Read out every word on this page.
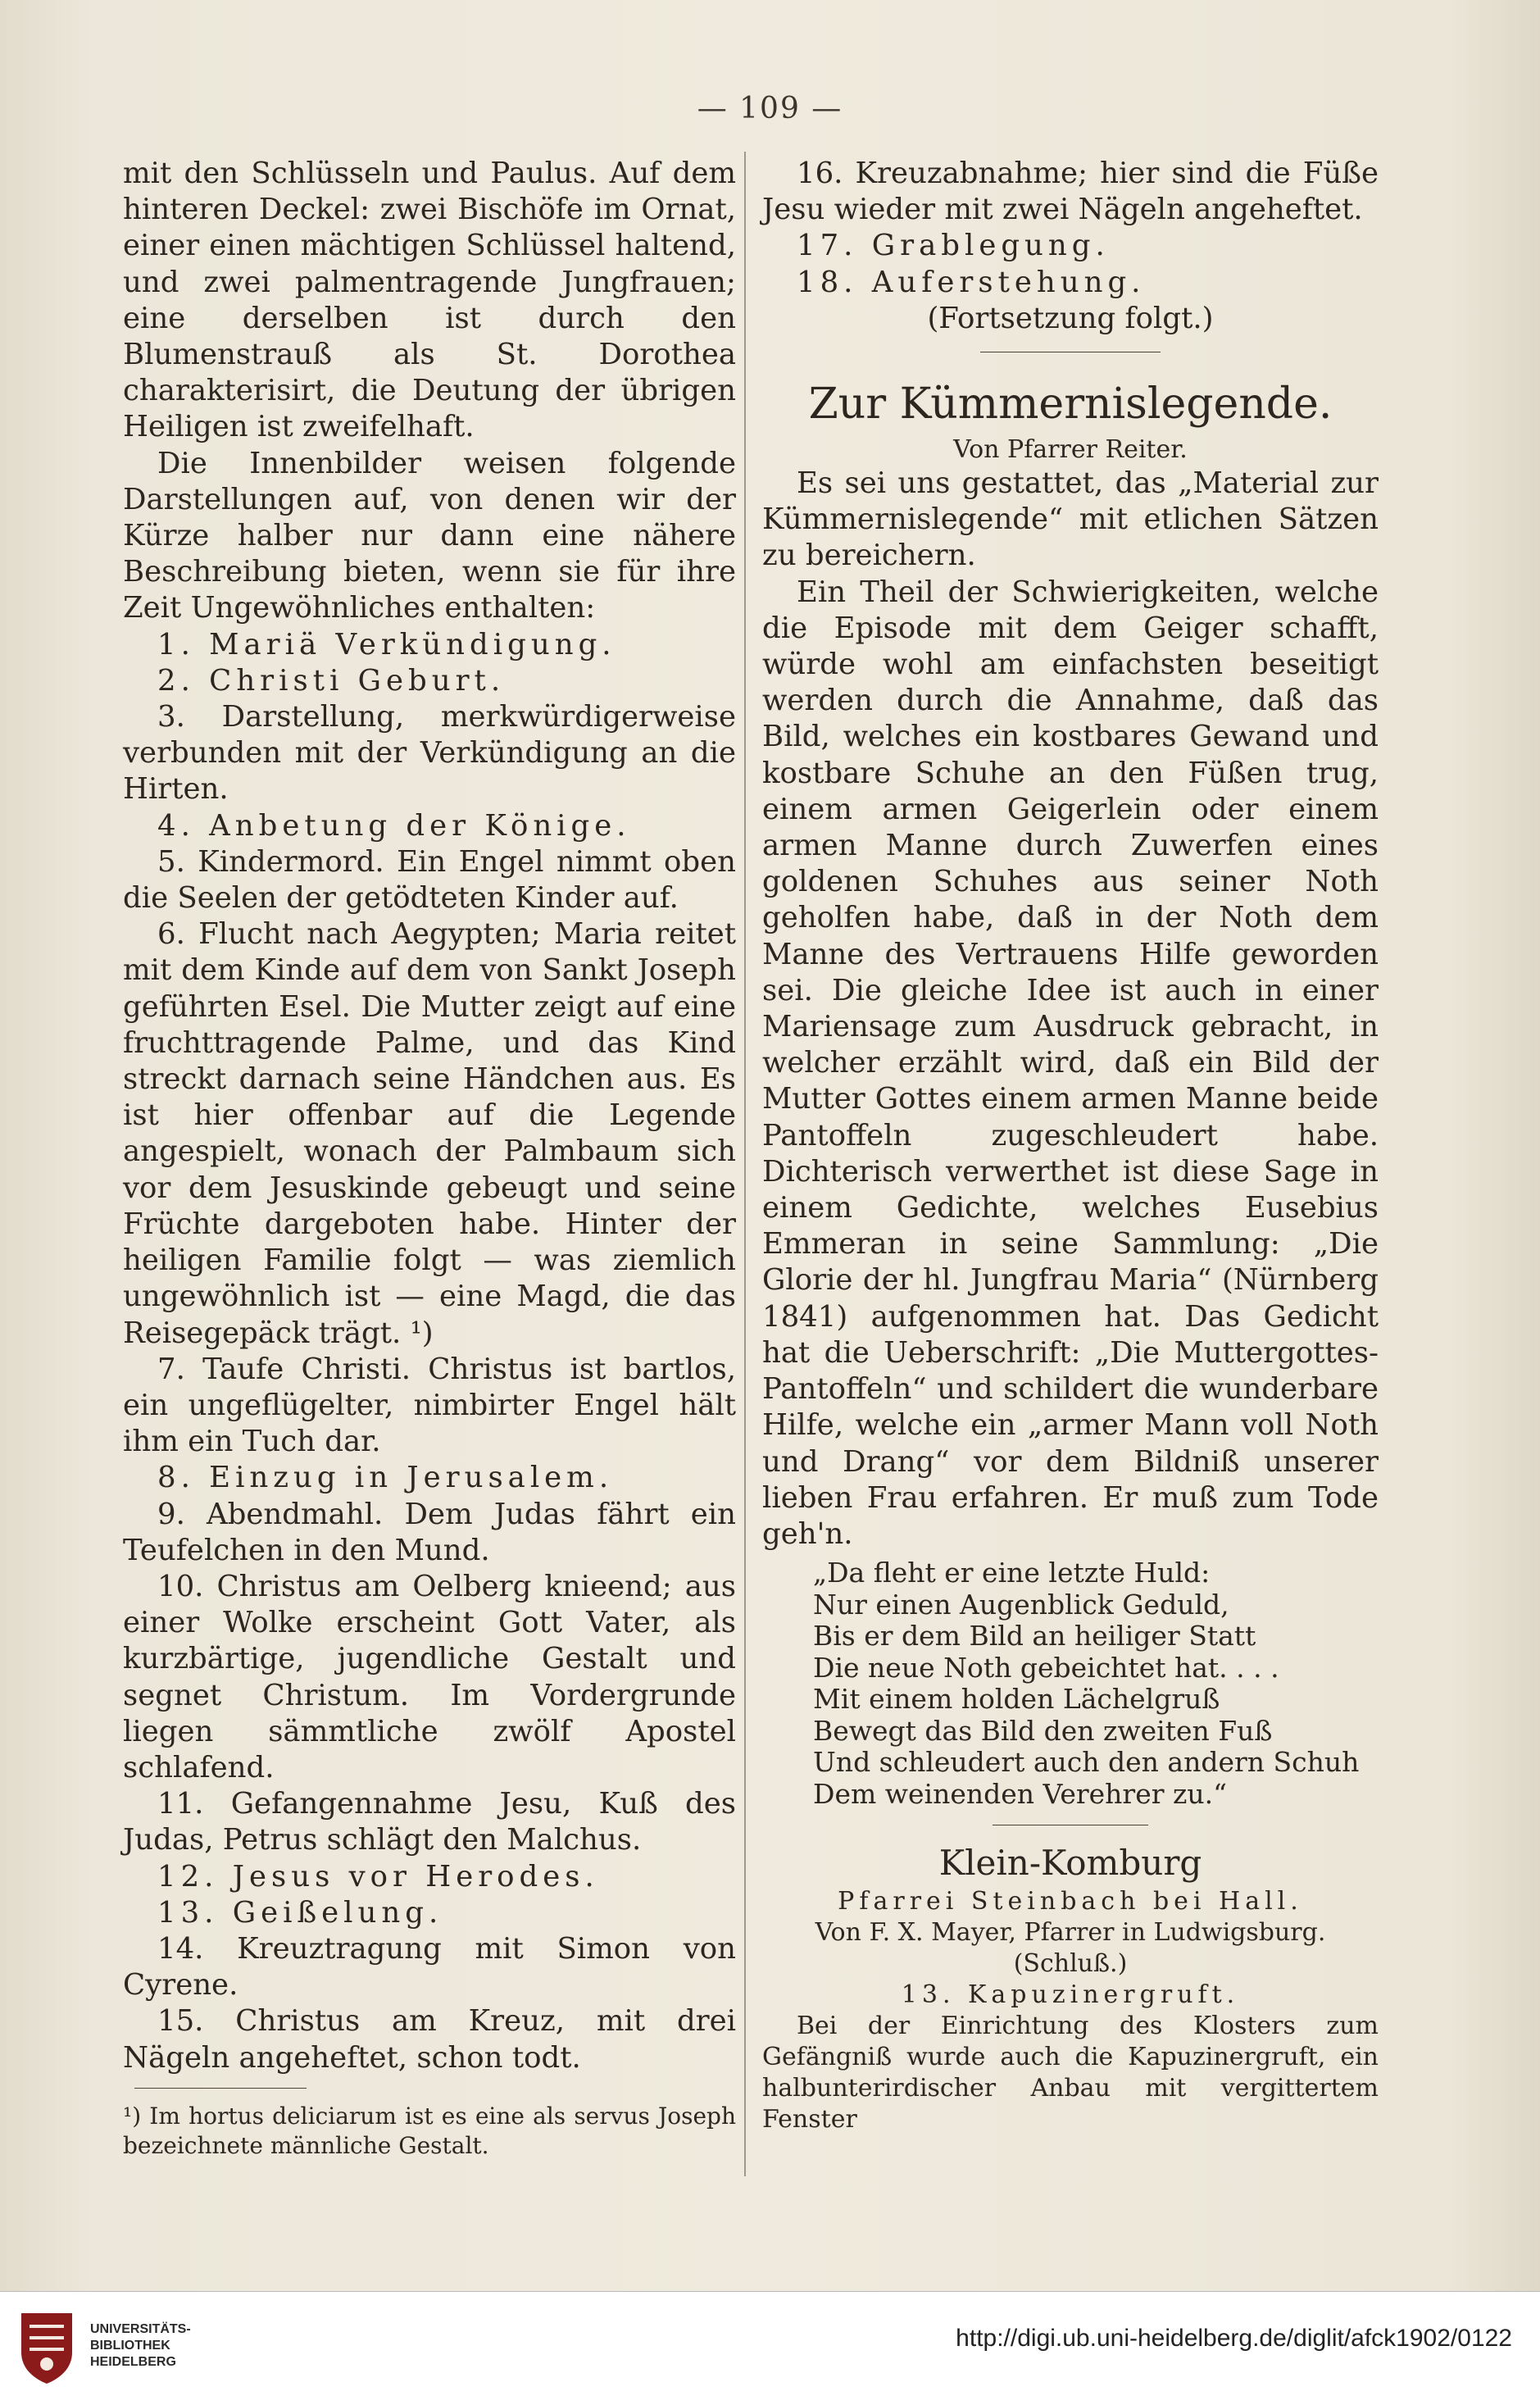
— 109 —

mit den Schlüsseln und Paulus. Auf dem hinteren Deckel: zwei Bischöfe im Ornat, einer einen mächtigen Schlüssel haltend, und zwei palmentragende Jungfrauen; eine derselben ist durch den Blumenstrauß als St. Dorothea charakterisirt, die Deutung der übrigen Heiligen ist zweifelhaft.

Die Innenbilder weisen folgende Darstellungen auf, von denen wir der Kürze halber nur dann eine nähere Beschreibung bieten, wenn sie für ihre Zeit Ungewöhnliches enthalten:

1. Mariä Verkündigung.

2. Christi Geburt.

3. Darstellung, merkwürdigerweise verbunden mit der Verkündigung an die Hirten.

4. Anbetung der Könige.

5. Kindermord. Ein Engel nimmt oben die Seelen der getödteten Kinder auf.

6. Flucht nach Aegypten; Maria reitet mit dem Kinde auf dem von Sankt Joseph geführten Esel. Die Mutter zeigt auf eine fruchttragende Palme, und das Kind streckt darnach seine Händchen aus. Es ist hier offenbar auf die Legende angespielt, wonach der Palmbaum sich vor dem Jesuskinde gebeugt und seine Früchte dargeboten habe. Hinter der heiligen Familie folgt — was ziemlich ungewöhnlich ist — eine Magd, die das Reisegepäck trägt. ¹)

7. Taufe Christi. Christus ist bartlos, ein ungeflügelter, nimbirter Engel hält ihm ein Tuch dar.

8. Einzug in Jerusalem.

9. Abendmahl. Dem Judas fährt ein Teufelchen in den Mund.

10. Christus am Oelberg knieend; aus einer Wolke erscheint Gott Vater, als kurzbärtige, jugendliche Gestalt und segnet Christum. Im Vordergrunde liegen sämmtliche zwölf Apostel schlafend.

11. Gefangennahme Jesu, Kuß des Judas, Petrus schlägt den Malchus.

12. Jesus vor Herodes.

13. Geißelung.

14. Kreuztragung mit Simon von Cyrene.

15. Christus am Kreuz, mit drei Nägeln angeheftet, schon todt.

¹) Im hortus deliciarum ist es eine als servus Joseph bezeichnete männliche Gestalt.

16. Kreuzabnahme; hier sind die Füße Jesu wieder mit zwei Nägeln angeheftet.

17. Grablegung.

18. Auferstehung.

(Fortsetzung folgt.)

Zur Kümmernislegende.

Von Pfarrer Reiter.

Es sei uns gestattet, das „Material zur Kümmernislegende“ mit etlichen Sätzen zu bereichern.

Ein Theil der Schwierigkeiten, welche die Episode mit dem Geiger schafft, würde wohl am einfachsten beseitigt werden durch die Annahme, daß das Bild, welches ein kostbares Gewand und kostbare Schuhe an den Füßen trug, einem armen Geigerlein oder einem armen Manne durch Zuwerfen eines goldenen Schuhes aus seiner Noth geholfen habe, daß in der Noth dem Manne des Vertrauens Hilfe geworden sei. Die gleiche Idee ist auch in einer Mariensage zum Ausdruck gebracht, in welcher erzählt wird, daß ein Bild der Mutter Gottes einem armen Manne beide Pantoffeln zugeschleudert habe. Dichterisch verwerthet ist diese Sage in einem Gedichte, welches Eusebius Emmeran in seine Sammlung: „Die Glorie der hl. Jungfrau Maria“ (Nürnberg 1841) aufgenommen hat. Das Gedicht hat die Ueberschrift: „Die Muttergottes-Pantoffeln“ und schildert die wunderbare Hilfe, welche ein „armer Mann voll Noth und Drang“ vor dem Bildniß unserer lieben Frau erfahren. Er muß zum Tode geh'n.

„Da fleht er eine letzte Huld:
Nur einen Augenblick Geduld,
Bis er dem Bild an heiliger Statt
Die neue Noth gebeichtet hat. . . .
Mit einem holden Lächelgruß
Bewegt das Bild den zweiten Fuß
Und schleudert auch den andern Schuh
Dem weinenden Verehrer zu.“
Klein-Komburg

Pfarrei Steinbach bei Hall.

Von F. X. Mayer, Pfarrer in Ludwigsburg.

(Schluß.)

13. Kapuzinergruft.

Bei der Einrichtung des Klosters zum Gefängniß wurde auch die Kapuzinergruft, ein halbunterirdischer Anbau mit vergittertem Fenster

UNIVERSITÄTS-
BIBLIOTHEK
HEIDELBERG
http://digi.ub.uni-heidelberg.de/diglit/afck1902/0122
